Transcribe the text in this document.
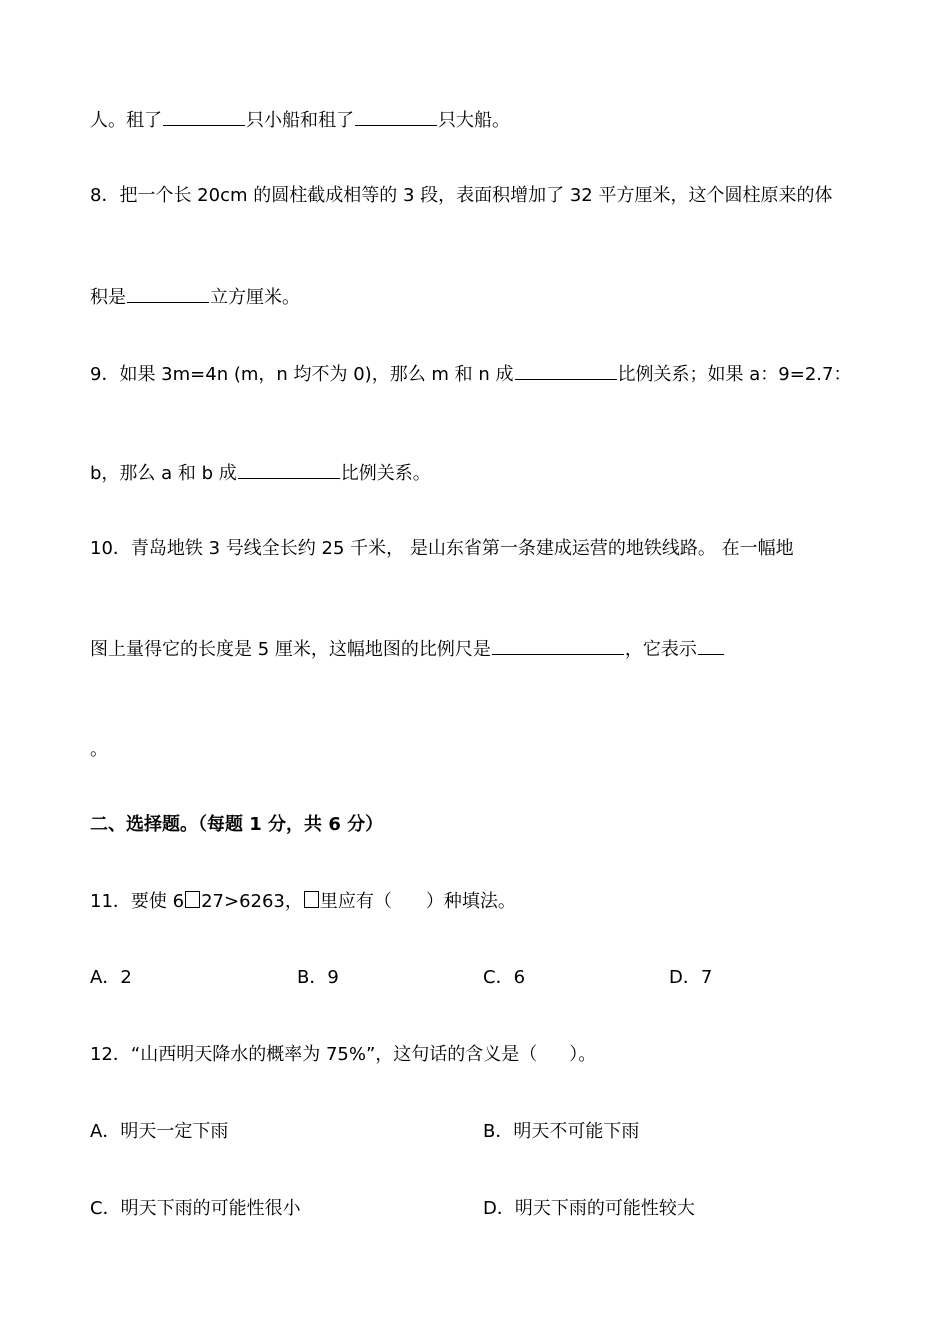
人。租了	只小船和租了	只大船。
8．把一个长 20cm 的圆柱截成相等的 3 段，表面积增加了 32 平方厘米，这个圆柱原来的体
积是	立方厘米。
9．如果 3m=4n (m，n 均不为 0)，那么 m 和 n 成	比例关系；如果 a：9=2.7：
b，那么 a 和 b 成	比例关系。
10．青岛地铁 3 号线全长约 25 千米， 是山东省第一条建成运营的地铁线路。 在一幅地
图上量得它的长度是 5 厘米，这幅地图的比例尺是	，它表示
。
二、选择题。（每题 1 分，共 6 分）
11．要使 6 27>6263， 里应有（ ）种填法。
A．2	B．9	C．6	D．7
12．“山西明天降水的概率为 75%”，这句话的含义是（ ）。
A．明天一定下雨	B．明天不可能下雨
C．明天下雨的可能性很小	D．明天下雨的可能性较大
